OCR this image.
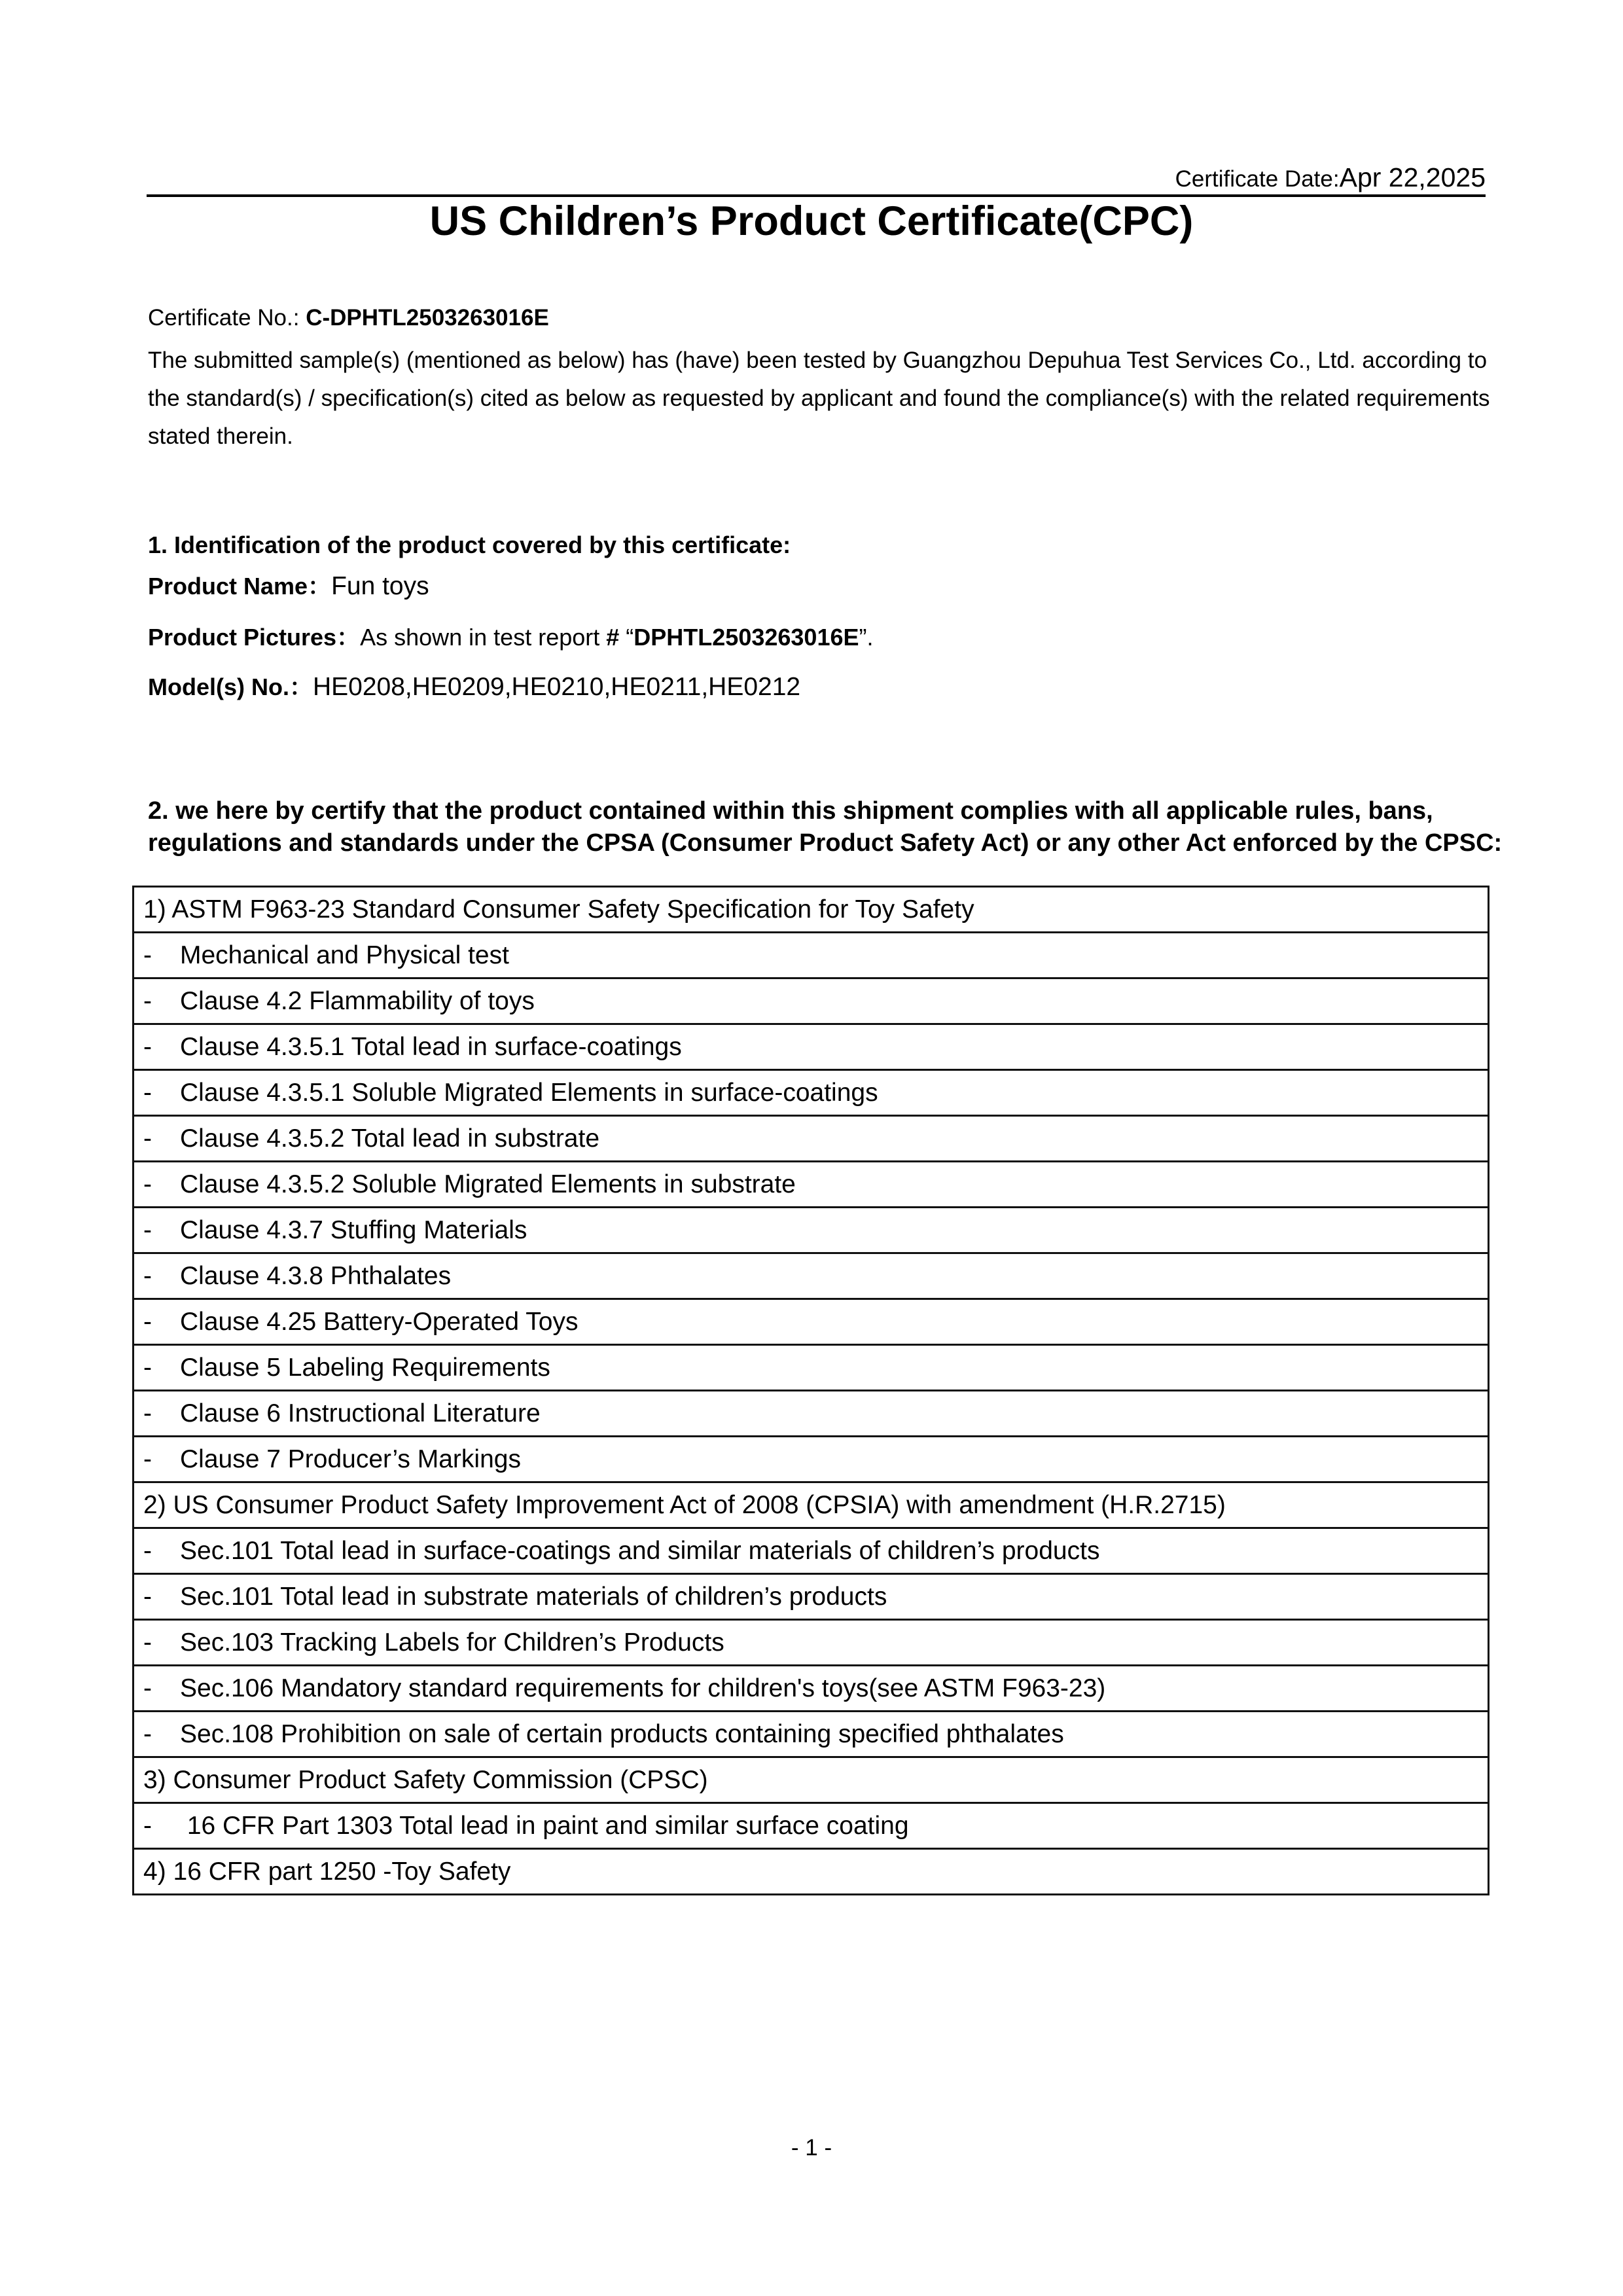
Certificate Date:Apr 22,2025
US Children’s Product Certificate(CPC)
Certificate No.: C-DPHTL2503263016E
The submitted sample(s) (mentioned as below) has (have) been tested by Guangzhou Depuhua Test Services Co., Ltd. according to the standard(s) / specification(s) cited as below as requested by applicant and found the compliance(s) with the related requirements stated therein.
1. Identification of the product covered by this certificate:
Product Name：Fun toys
Product Pictures：As shown in test report # “DPHTL2503263016E”.
Model(s) No.：HE0208,HE0209,HE0210,HE0211,HE0212
2. we here by certify that the product contained within this shipment complies with all applicable rules, bans, regulations and standards under the CPSA (Consumer Product Safety Act) or any other Act enforced by the CPSC:
1) ASTM F963-23 Standard Consumer Safety Specification for Toy Safety
- Mechanical and Physical test
- Clause 4.2 Flammability of toys
- Clause 4.3.5.1 Total lead in surface-coatings
- Clause 4.3.5.1 Soluble Migrated Elements in surface-coatings
- Clause 4.3.5.2 Total lead in substrate
- Clause 4.3.5.2 Soluble Migrated Elements in substrate
- Clause 4.3.7 Stuffing Materials
- Clause 4.3.8 Phthalates
- Clause 4.25 Battery-Operated Toys
- Clause 5 Labeling Requirements
- Clause 6 Instructional Literature
- Clause 7 Producer’s Markings
2) US Consumer Product Safety Improvement Act of 2008 (CPSIA) with amendment (H.R.2715)
- Sec.101 Total lead in surface-coatings and similar materials of children’s products
- Sec.101 Total lead in substrate materials of children’s products
- Sec.103 Tracking Labels for Children’s Products
- Sec.106 Mandatory standard requirements for children's toys(see ASTM F963-23)
- Sec.108 Prohibition on sale of certain products containing specified phthalates
3) Consumer Product Safety Commission (CPSC)
- 16 CFR Part 1303 Total lead in paint and similar surface coating
4) 16 CFR part 1250 -Toy Safety
- 1 -
